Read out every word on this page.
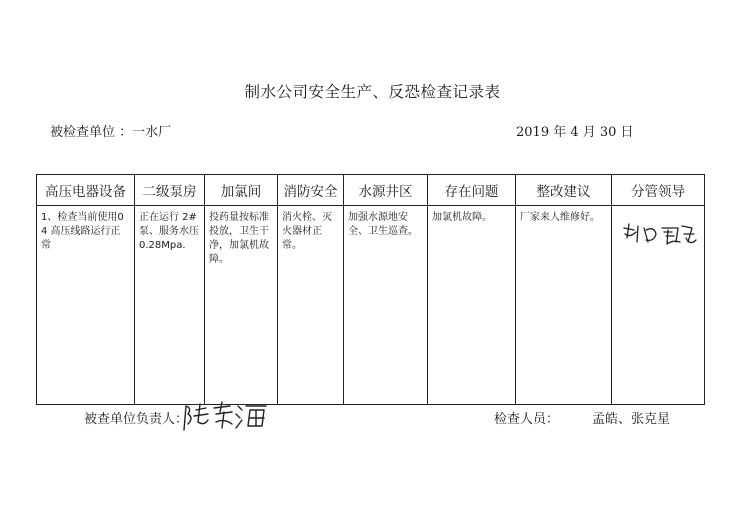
制水公司安全生产、反恐检查记录表
被检查单位 ：一水厂	2019 年 4 月 30 日
高压电器设备	二级泵房	加氯间	消防安全	水源井区	存在问题	整改建议	分管领导
1、检查当前使用04 高压线路运行正常	正在运行 2#泵、服务水压0.28Mpa.	投药量按标准投放，卫生干净，加氯机故障。	消火栓、灭火器材正常。	加强水源地安全、卫生巡查。	加氯机故障。	厂家来人维修好。	
被查单位负责人：	检查人员：	孟皓、张克星
